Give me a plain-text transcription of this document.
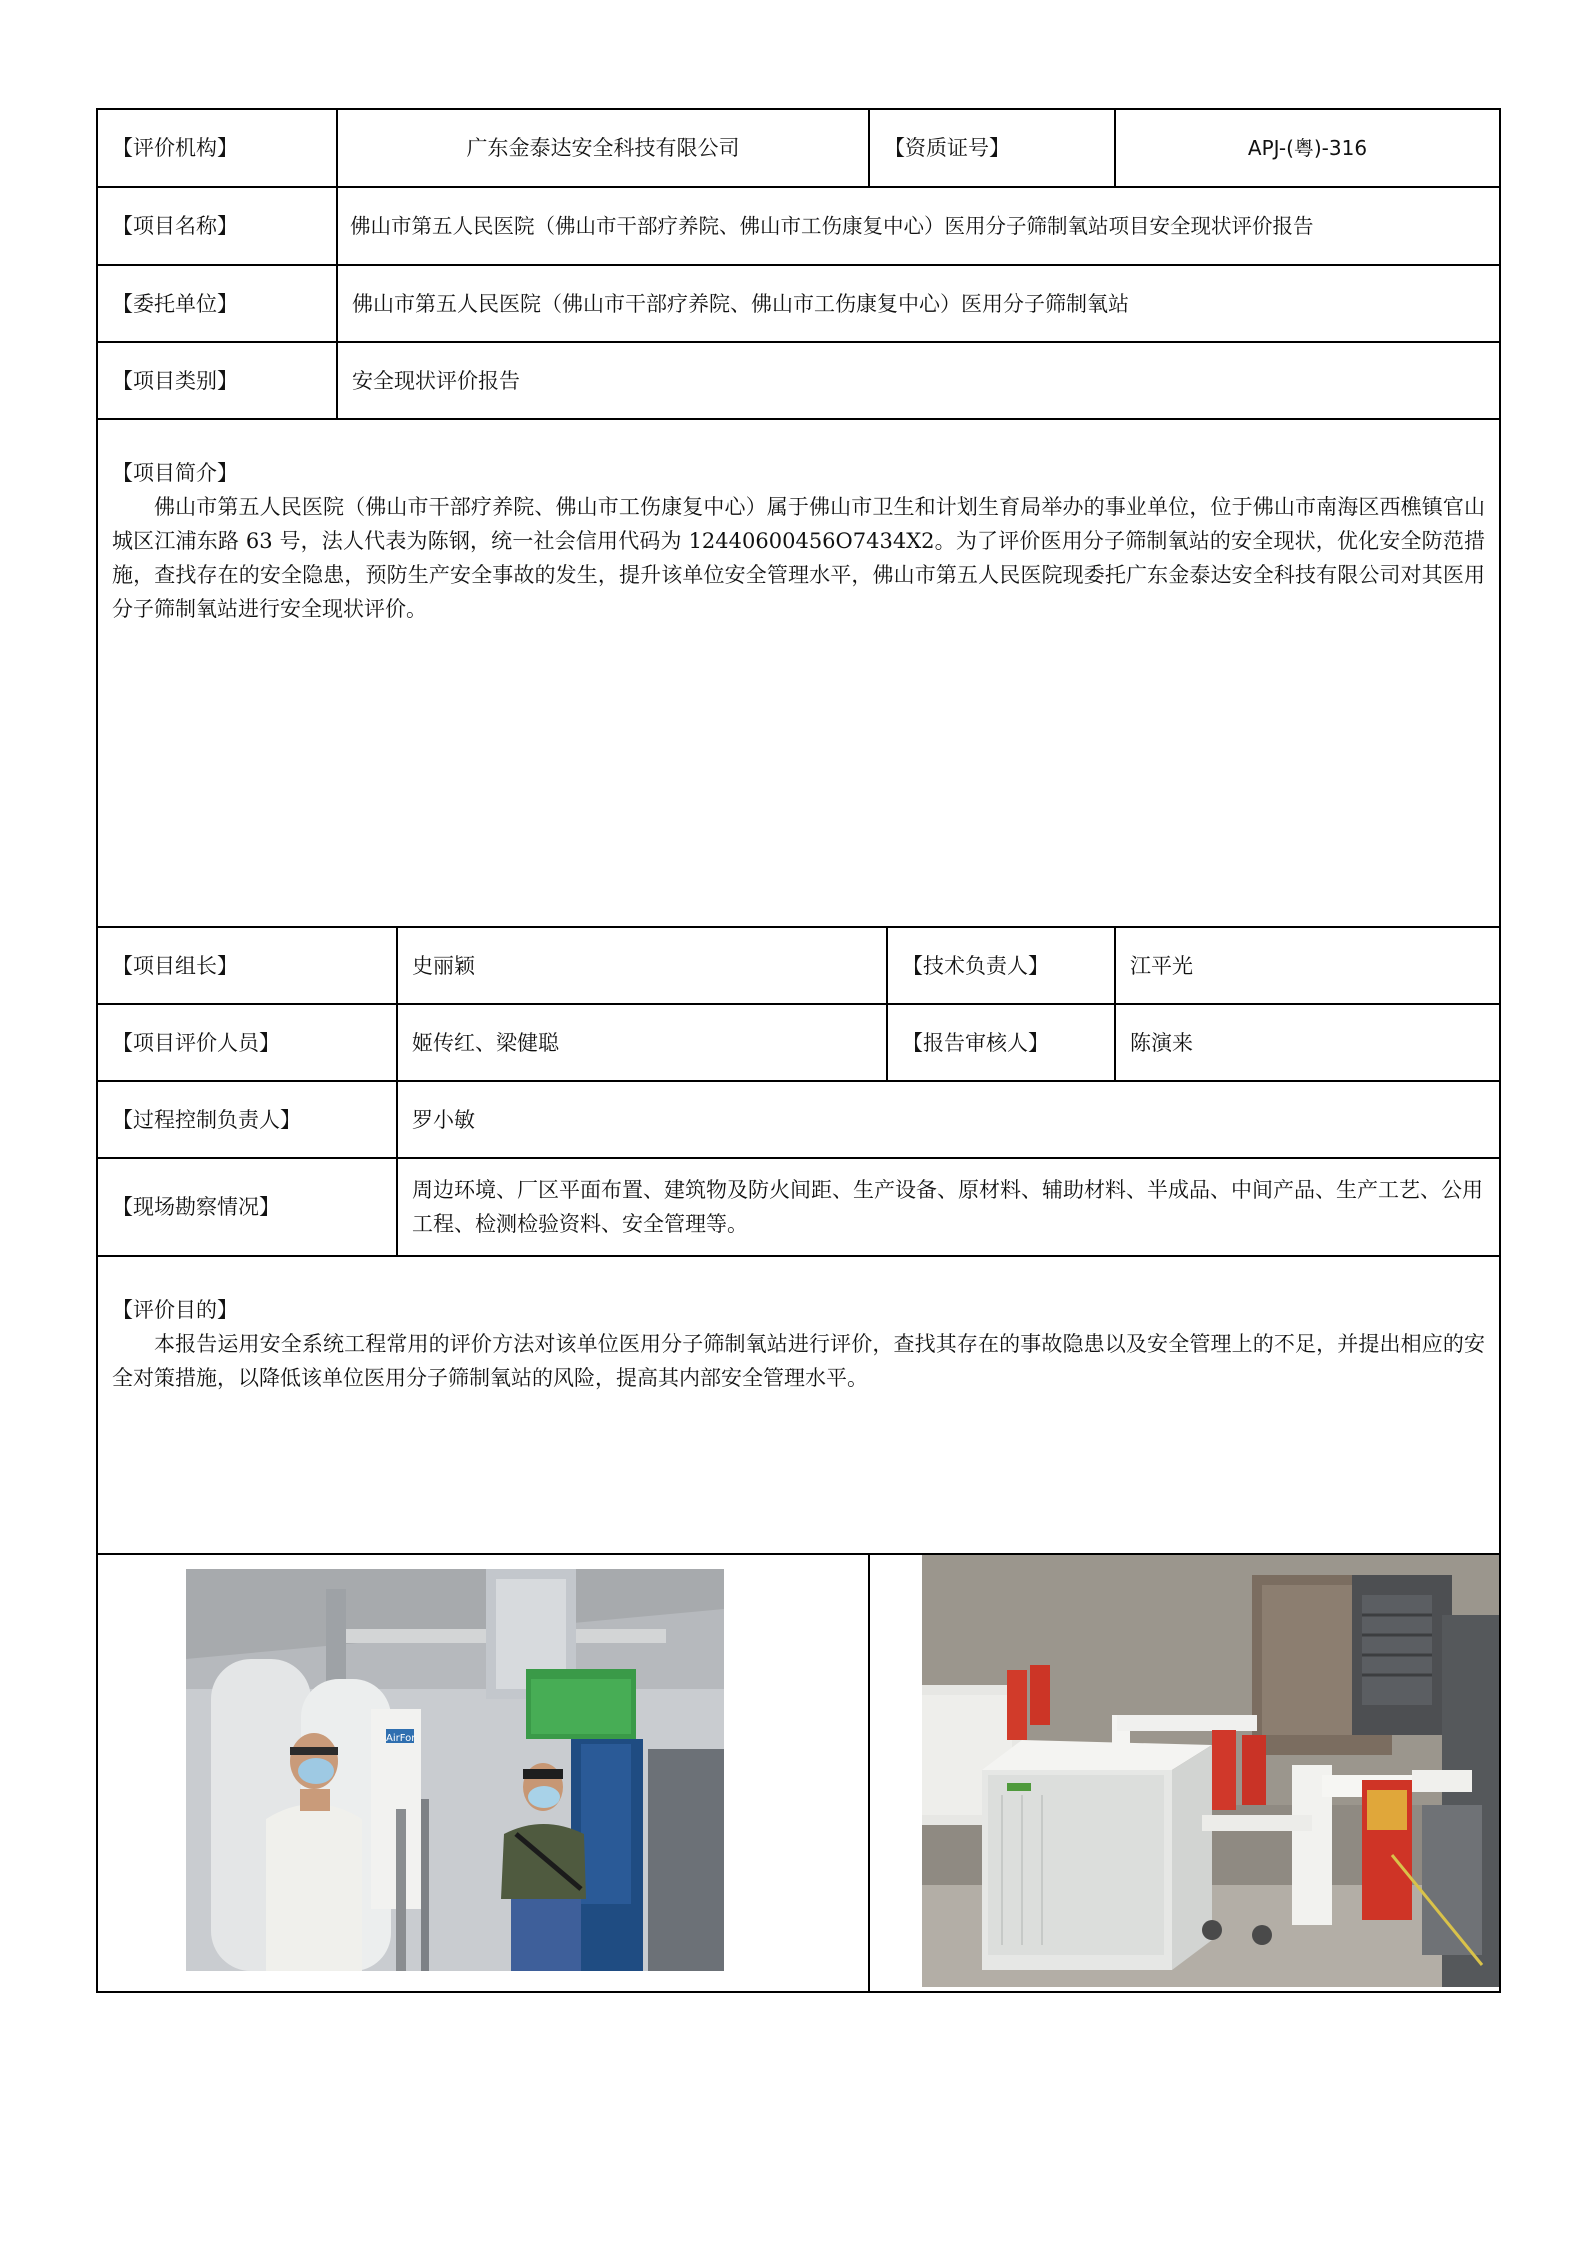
【评价机构】	广东金泰达安全科技有限公司		【资质证号】		APJ-(粤)-316
【项目名称】	佛山市第五人民医院（佛山市干部疗养院、佛山市工伤康复中心）医用分子筛制氧站项目安全现状评价报告				
【委托单位】	佛山市第五人民医院（佛山市干部疗养院、佛山市工伤康复中心）医用分子筛制氧站				
【项目类别】	安全现状评价报告				

【项目简介】
佛山市第五人民医院（佛山市干部疗养院、佛山市工伤康复中心）属于佛山市卫生和计划生育局举办的事业单位，位于佛山市南海区西樵镇官山城区江浦东路 63 号，法人代表为陈钢，统一社会信用代码为 12440600456O7434X2。为了评价医用分子筛制氧站的安全现状，优化安全防范措施，查找存在的安全隐患，预防生产安全事故的发生，提升该单位安全管理水平，佛山市第五人民医院现委托广东金泰达安全科技有限公司对其医用分子筛制氧站进行安全现状评价。					

【项目组长】		史丽颖		【技术负责人】	江平光
【项目评价人员】		姬传红、梁健聪		【报告审核人】	陈演来
【过程控制负责人】		罗小敏			
【现场勘察情况】		周边环境、厂区平面布置、建筑物及防火间距、生产设备、原材料、辅助材料、半成品、中间产品、生产工艺、公用工程、检测检验资料、安全管理等。			

【评价目的】
本报告运用安全系统工程常用的评价方法对该单位医用分子筛制氧站进行评价，查找其存在的事故隐患以及安全管理上的不足，并提出相应的安全对策措施，以降低该单位医用分子筛制氧站的风险，提高其内部安全管理水平。					

AirFor
